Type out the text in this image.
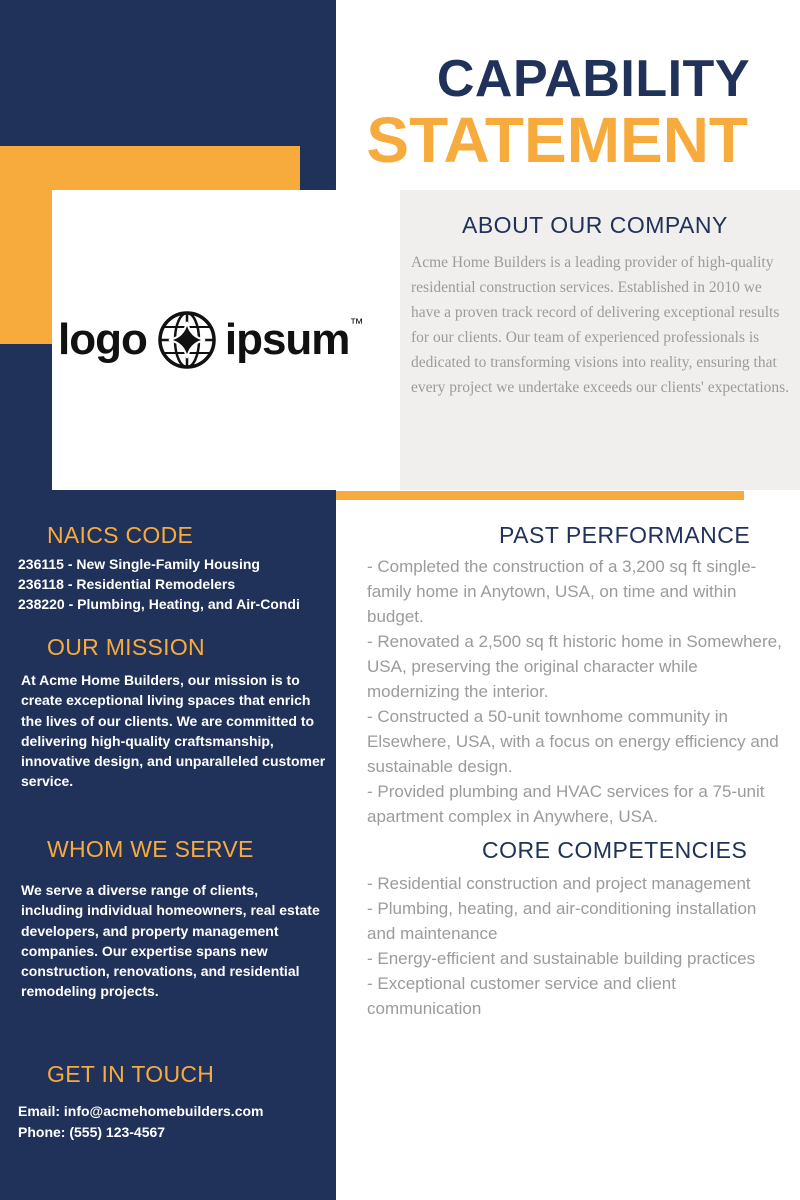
CAPABILITY
STATEMENT
logo ipsum ™
ABOUT OUR COMPANY
Acme Home Builders is a leading provider of high-quality residential construction services. Established in 2010 we have a proven track record of delivering exceptional results for our clients. Our team of experienced professionals is dedicated to transforming visions into reality, ensuring that every project we undertake exceeds our clients' expectations.
NAICS CODE
236115 - New Single-Family Housing
236118 - Residential Remodelers
238220 - Plumbing, Heating, and Air-Condi
OUR MISSION
At Acme Home Builders, our mission is to create exceptional living spaces that enrich the lives of our clients. We are committed to delivering high-quality craftsmanship, innovative design, and unparalleled customer service.
WHOM WE SERVE
We serve a diverse range of clients, including individual homeowners, real estate developers, and property management companies. Our expertise spans new construction, renovations, and residential remodeling projects.
GET IN TOUCH
Email: info@acmehomebuilders.com
Phone: (555) 123-4567
PAST PERFORMANCE
- Completed the construction of a 3,200 sq ft single-family home in Anytown, USA, on time and within budget.
- Renovated a 2,500 sq ft historic home in Somewhere, USA, preserving the original character while modernizing the interior.
- Constructed a 50-unit townhome community in Elsewhere, USA, with a focus on energy efficiency and sustainable design.
- Provided plumbing and HVAC services for a 75-unit apartment complex in Anywhere, USA.
CORE COMPETENCIES
- Residential construction and project management
- Plumbing, heating, and air-conditioning installation and maintenance
- Energy-efficient and sustainable building practices
- Exceptional customer service and client communication
